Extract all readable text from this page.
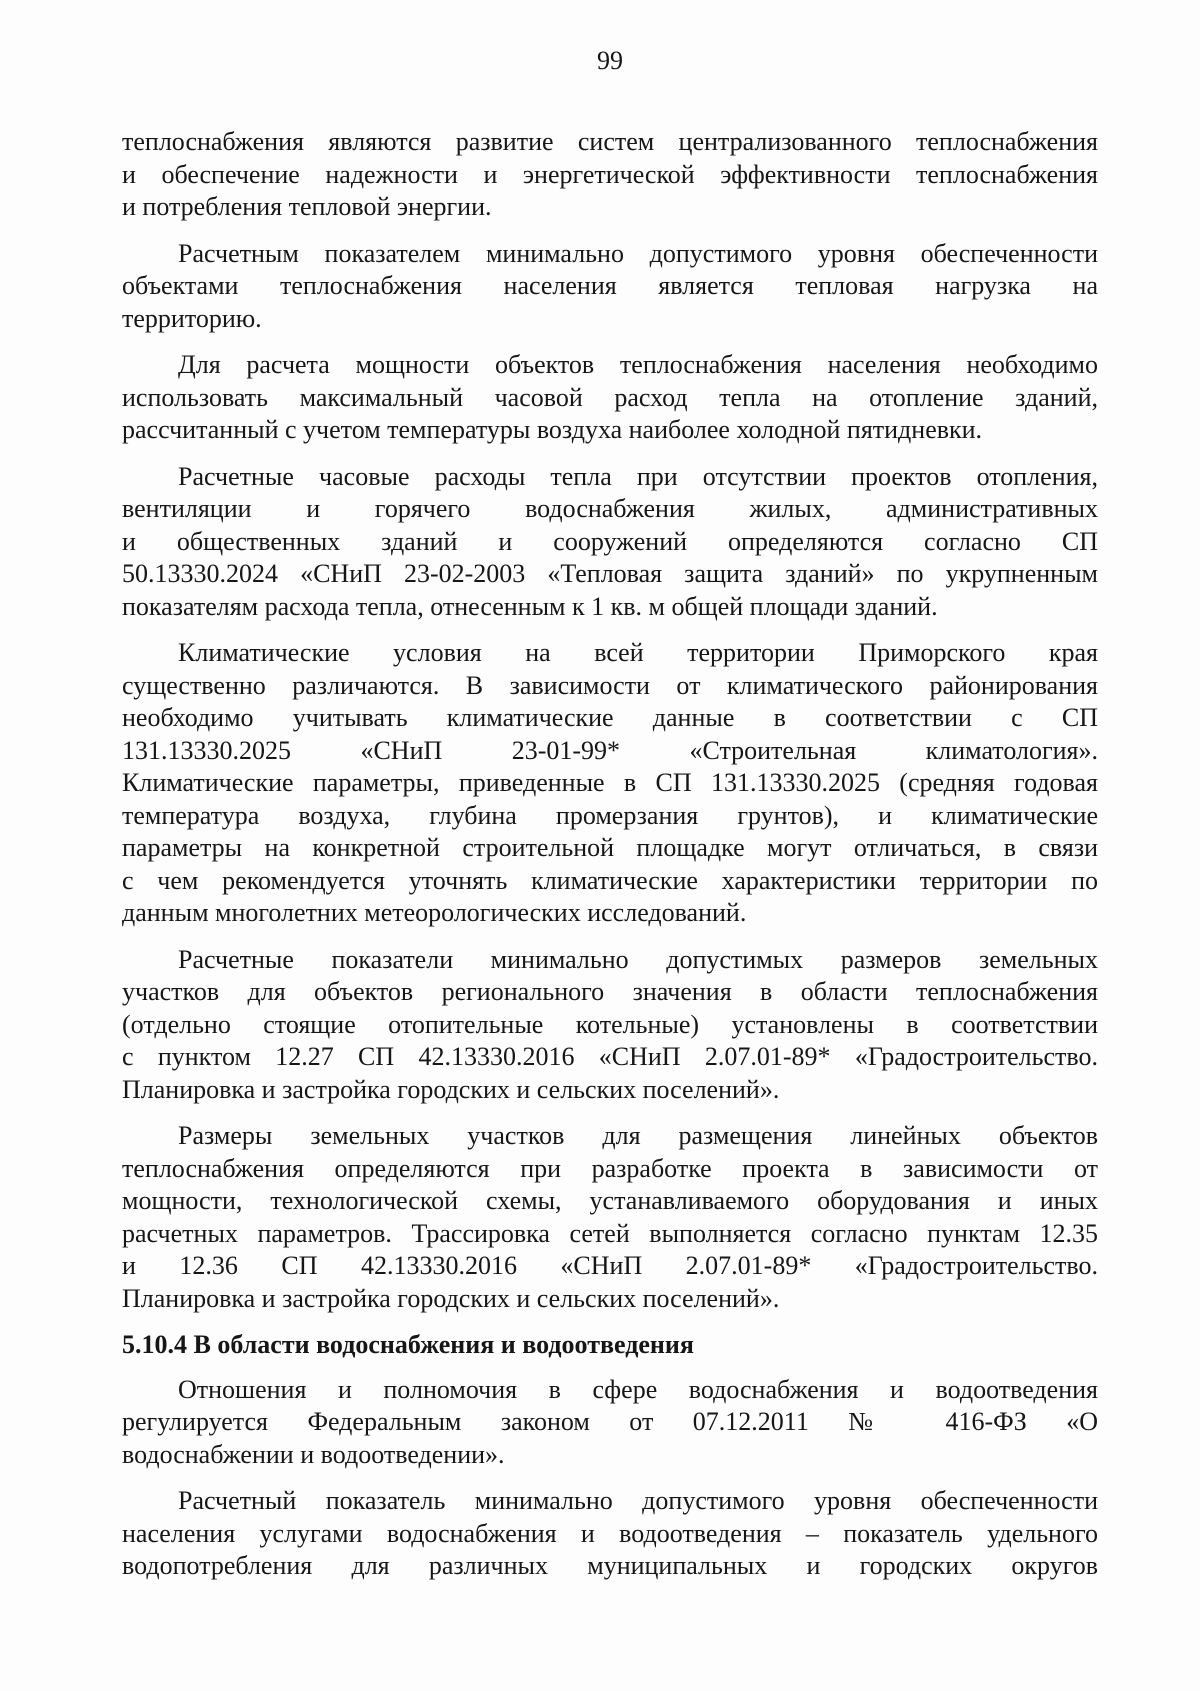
99
теплоснабжения являются развитие систем централизованного теплоснабжения
и обеспечение надежности и энергетической эффективности теплоснабжения
и потребления тепловой энергии.
Расчетным показателем минимально допустимого уровня обеспеченности
объектами теплоснабжения населения является тепловая нагрузка на
территорию.
Для расчета мощности объектов теплоснабжения населения необходимо
использовать максимальный часовой расход тепла на отопление зданий,
рассчитанный с учетом температуры воздуха наиболее холодной пятидневки.
Расчетные часовые расходы тепла при отсутствии проектов отопления,
вентиляции и горячего водоснабжения жилых, административных
и общественных зданий и сооружений определяются согласно СП
50.13330.2024 «СНиП 23-02-2003 «Тепловая защита зданий» по укрупненным
показателям расхода тепла, отнесенным к 1 кв. м общей площади зданий.
Климатические условия на всей территории Приморского края
существенно различаются. В зависимости от климатического районирования
необходимо учитывать климатические данные в соответствии с СП
131.13330.2025 «СНиП 23-01-99* «Строительная климатология».
Климатические параметры, приведенные в СП 131.13330.2025 (средняя годовая
температура воздуха, глубина промерзания грунтов), и климатические
параметры на конкретной строительной площадке могут отличаться, в связи
с чем рекомендуется уточнять климатические характеристики территории по
данным многолетних метеорологических исследований.
Расчетные показатели минимально допустимых размеров земельных
участков для объектов регионального значения в области теплоснабжения
(отдельно стоящие отопительные котельные) установлены в соответствии
с пунктом 12.27 СП 42.13330.2016 «СНиП 2.07.01-89* «Градостроительство.
Планировка и застройка городских и сельских поселений».
Размеры земельных участков для размещения линейных объектов
теплоснабжения определяются при разработке проекта в зависимости от
мощности, технологической схемы, устанавливаемого оборудования и иных
расчетных параметров. Трассировка сетей выполняется согласно пунктам 12.35
и 12.36 СП 42.13330.2016 «СНиП 2.07.01-89* «Градостроительство.
Планировка и застройка городских и сельских поселений».
5.10.4 В области водоснабжения и водоотведения
Отношения и полномочия в сфере водоснабжения и водоотведения
регулируется Федеральным законом от 07.12.2011 № 416-ФЗ «О
водоснабжении и водоотведении».
Расчетный показатель минимально допустимого уровня обеспеченности
населения услугами водоснабжения и водоотведения – показатель удельного
водопотребления для различных муниципальных и городских округов
